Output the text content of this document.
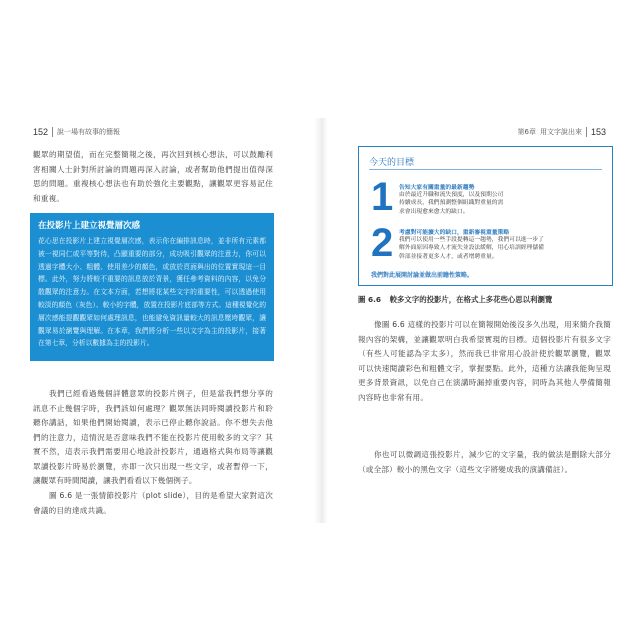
152 說一場有故事的簡報	第6章 用文字說出來 153
觀眾的期望值，而在完整簡報之後，再次回到核心想法，可以鼓勵利害相關人士針對所討論的問題再深入討論，或者幫助他們提出值得深思的問題。重複核心想法也有助於強化主要觀點，讓觀眾更容易記住和重複。
在投影片上建立視覺層次感
花心思在投影片上建立視覺層次感，表示你在編排訊息時，並非所有元素都被一視同仁或平等對待，凸顯重要的部分，成功吸引觀眾的注意力，你可以透過字體大小、粗體、使用差少的顏色，或放於頁面與出的位置實現這一目標。此外，努力將較不重要的訊息放於背景，獲任參考資料的內容，以免分散觀眾的注意力。在文本方面，若想將花某些文字的重要性，可以透過使用較淡的顏色（灰色）、較小的字體，放置在投影片底部等方式。這種視覺化的層次感能提觀觀眾如何處理訊息，也能避免資訊量較大的訊息壓垮觀眾，讓觀眾易於瀏覽與理解。在本章，我們將分析一些以文字為主的投影片，接著在第七章，分析以數據為主的投影片。
我們已經看過幾個詳體意眾的投影片例子，但是當我們想分享的訊息不止幾個字時，我們該如何處理？觀眾無法同時閱讀投影片和聆聽你講話，如果他們開始閱讀，表示已停止聽你說話。你不想失去他們的注意力，這情況是否意味我們不能在投影片使用較多的文字？其實不然，這表示我們需要用心地設計投影片，通過格式與布局等讓觀眾讀投影片時易於瀏覽，亦即一次只出現一些文字，或者暫停一下，讓觀眾有時間閱讀，讓我們看看以下幾個例子。
圖 6.6 是一張情節投影片（plot slide），目的是希望大家對這次會議的目的達成共識。
今天的目標
1 告知大家有關重量的最新趨勢
由於最近升職和流失預度，以及預期公司持續成長，我們預測整個組織對重量的需求會出現愈來愈大的缺口。
2 考慮對可能擴大的缺口，重新審視重量策略
我們可以使用一些手段提轉這一趨勢，我們可以進一步了解外面原因專致人才流失並設法緩解，用心培訓經理儲備幹部並接著更多人才，或者增聘重量。
我們對此展開討論並做出前瞻性策略。
圖 6.6 較多文字的投影片，在格式上多花些心思以利瀏覽
像圖 6.6 這樣的投影片可以在簡報開始後沒多久出現，用來簡介我簡報內容的架構，並讓觀眾明白我希望實現的目標。這個投影片有很多文字（有些人可能認為字太多），然而我已非常用心設計使於觀眾瀏覽，觀眾可以快速閱讀彩色和粗體文字，掌握要點。此外，這種方法讓我能夠呈現更多背景資訊，以免自己在演講時漏掉重要內容，同時為其他人學備簡報內容時也非常有用。
你也可以微調這張投影片，減少它的文字量，我的做法是刪除大部分（或全部）較小的黑色文字（這些文字將變成我的演講備註）。
